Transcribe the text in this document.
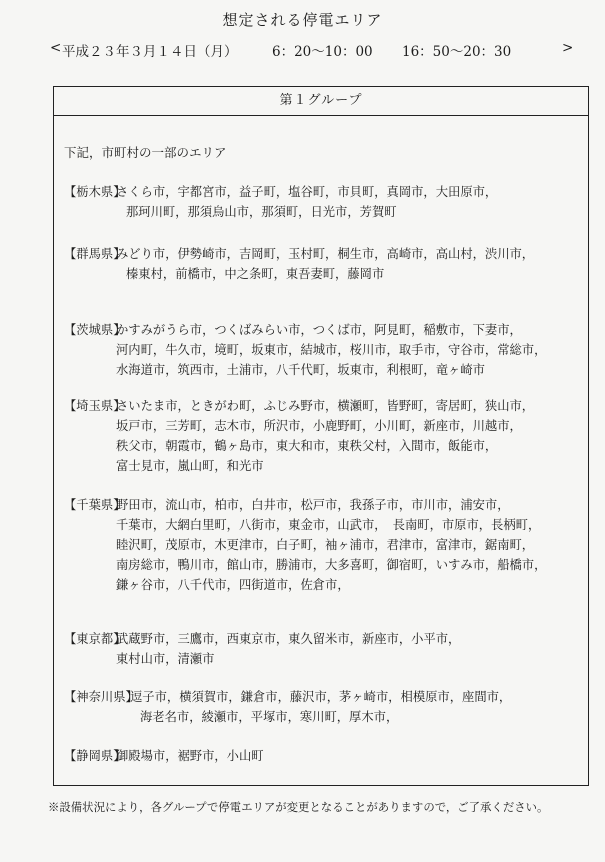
想定される停電エリア
< 平成２３年３月１４日（月）	6：20～10：00 16：50～20：30	>
第１グループ
下記，市町村の一部のエリア
【栃木県】
さくら市，宇都宮市，益子町，塩谷町，市貝町，真岡市，大田原市，
那珂川町，那須烏山市，那須町，日光市，芳賀町
【群馬県】
みどり市，伊勢崎市，吉岡町，玉村町，桐生市，高崎市，高山村，渋川市，
榛東村，前橋市，中之条町，東吾妻町，藤岡市
【茨城県】
かすみがうら市，つくばみらい市，つくば市，阿見町，稲敷市，下妻市，
河内町，牛久市，境町，坂東市，結城市，桜川市，取手市，守谷市，常総市，
水海道市，筑西市，土浦市，八千代町，坂東市，利根町，竜ヶ崎市
【埼玉県】
さいたま市，ときがわ町，ふじみ野市，横瀬町，皆野町，寄居町，狭山市，
坂戸市，三芳町，志木市，所沢市，小鹿野町，小川町，新座市，川越市，
秩父市，朝霞市，鶴ヶ島市，東大和市，東秩父村，入間市，飯能市，
富士見市，嵐山町，和光市
【千葉県】
野田市，流山市，柏市，白井市，松戸市，我孫子市，市川市，浦安市，
千葉市，大網白里町，八街市，東金市，山武市，　長南町，市原市，長柄町，
睦沢町，茂原市，木更津市，白子町，袖ヶ浦市，君津市，富津市，鋸南町，
南房総市，鴨川市，館山市，勝浦市，大多喜町，御宿町，いすみ市，船橋市，
鎌ヶ谷市，八千代市，四街道市，佐倉市，
【東京都】
武蔵野市，三鷹市，西東京市，東久留米市，新座市，小平市，
東村山市，清瀬市
【神奈川県】
逗子市，横須賀市，鎌倉市，藤沢市，茅ヶ崎市，相模原市，座間市，
海老名市，綾瀬市，平塚市，寒川町，厚木市，
【静岡県】
御殿場市，裾野市，小山町
※設備状況により，各グループで停電エリアが変更となることがありますので，ご了承ください。
